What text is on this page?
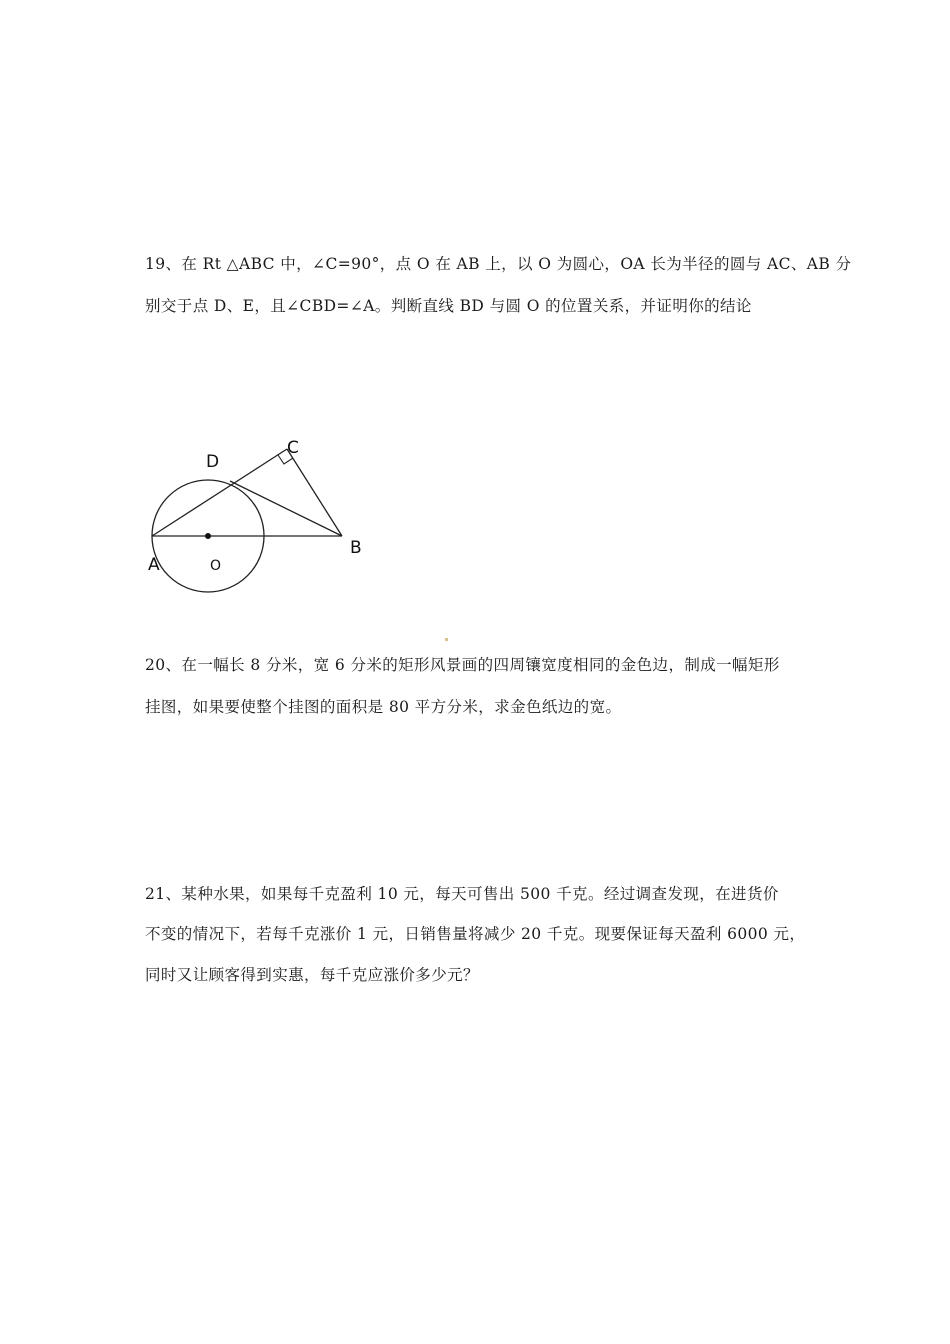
19、在 Rt △ABC 中，∠C=90°，点 O 在 AB 上，以 O 为圆心，OA 长为半径的圆与 AC、AB 分
别交于点 D、E，且∠CBD=∠A。判断直线 BD 与圆 O 的位置关系，并证明你的结论
C
D
A
B
O
20、在一幅长 8 分米，宽 6 分米的矩形风景画的四周镶宽度相同的金色边，制成一幅矩形
挂图，如果要使整个挂图的面积是 80 平方分米，求金色纸边的宽。
21、某种水果，如果每千克盈利 10 元，每天可售出 500 千克。经过调查发现，在进货价
不变的情况下，若每千克涨价 1 元，日销售量将减少 20 千克。现要保证每天盈利 6000 元，
同时又让顾客得到实惠，每千克应涨价多少元？
